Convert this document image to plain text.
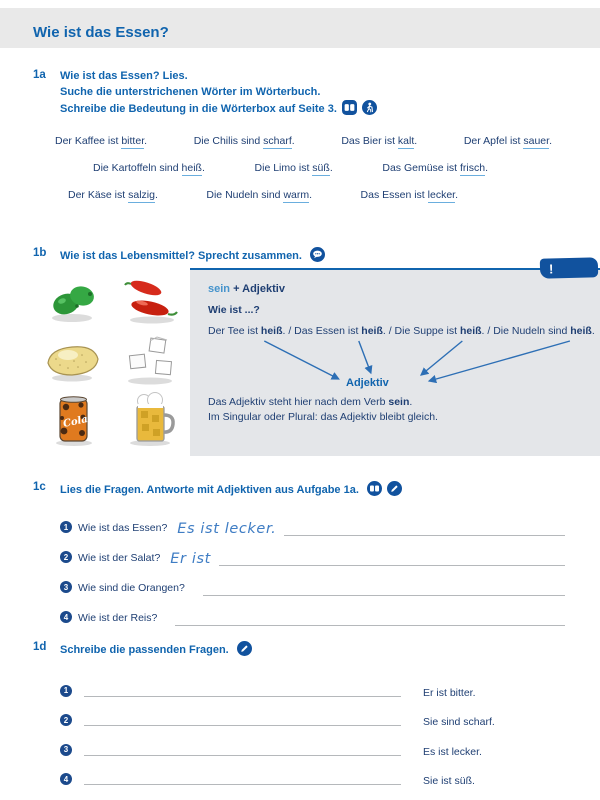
Wie ist das Essen?
1a	Wie ist das Essen? Lies.
Suche die unterstrichenen Wörter im Wörterbuch.
Schreibe die Bedeutung in die Wörterbox auf Seite 3.
Der Kaffee ist bitter.	Die Chilis sind scharf.	Das Bier ist kalt.	Der Apfel ist sauer.
Die Kartoffeln sind heiß.	Die Limo ist süß.	Das Gemüse ist frisch.
Der Käse ist salzig.	Die Nudeln sind warm.	Das Essen ist lecker.
1b	Wie ist das Lebensmittel? Sprecht zusammen.
Cola
!
sein + Adjektiv
Wie ist ...?
Der Tee ist heiß. / Das Essen ist heiß. / Die Suppe ist heiß. / Die Nudeln sind heiß.
Adjektiv
Das Adjektiv steht hier nach dem Verb sein.
Im Singular oder Plural: das Adjektiv bleibt gleich.
1c	Lies die Fragen. Antworte mit Adjektiven aus Aufgabe 1a.
1 Wie ist das Essen? Es ist lecker.
2 Wie ist der Salat? Er ist
3 Wie sind die Orangen?
4 Wie ist der Reis?
1d	Schreibe die passenden Fragen.
1	Er ist bitter.
2	Sie sind scharf.
3	Es ist lecker.
4	Sie ist süß.
